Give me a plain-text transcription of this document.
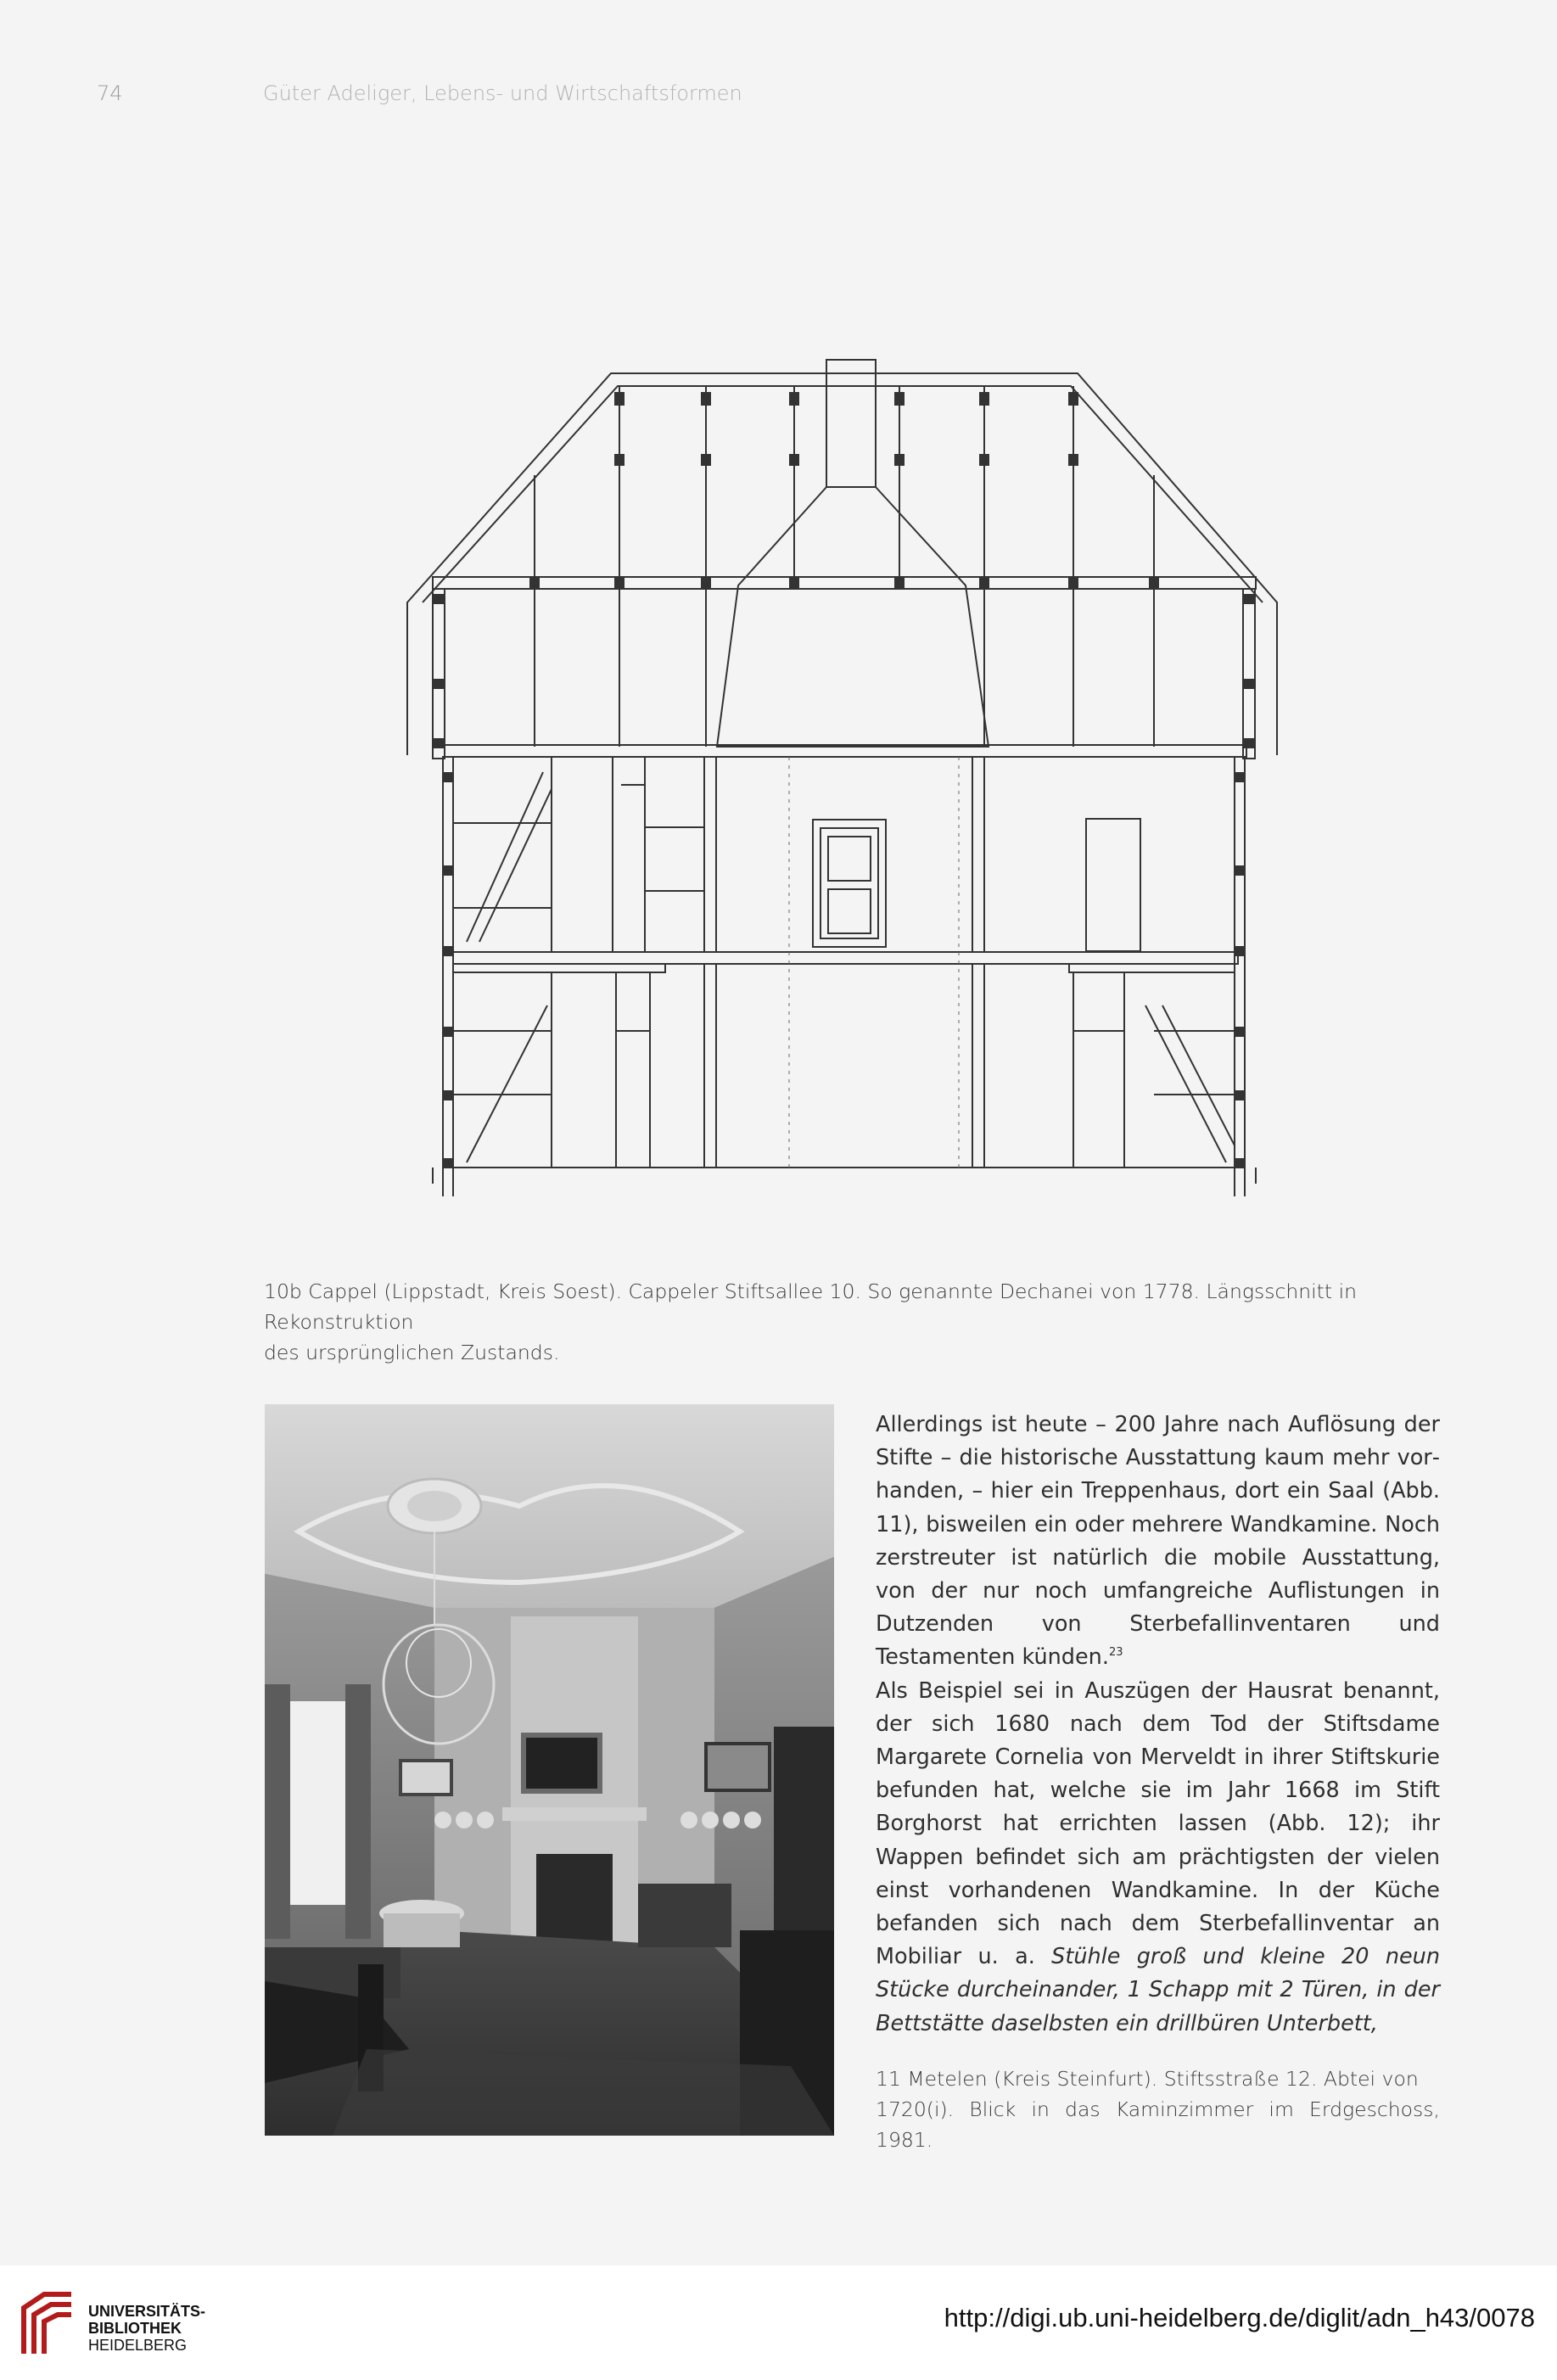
74	Güter Adeliger, Lebens- und Wirtschaftsformen
10b Cappel (Lippstadt, Kreis Soest). Cappeler Stiftsallee 10. So genannte Dechanei von 1778. Längsschnitt in Rekonstruktion
des ursprünglichen Zustands.

Allerdings ist heute – 200 Jahre nach Auflösung der Stifte – die historische Ausstattung kaum mehr vorhanden, – hier ein Treppenhaus, dort ein Saal (Abb. 11), bisweilen ein oder mehrere Wandkamine. Noch zerstreuter ist natürlich die mobile Ausstattung, von der nur noch umfangreiche Auflistungen in Dutzenden von Sterbefallinventaren und Testamenten künden.$^{23}$

Als Beispiel sei in Auszügen der Hausrat benannt, der sich 1680 nach dem Tod der Stiftsdame Margarete Cornelia von Merveldt in ihrer Stiftskurie befunden hat, welche sie im Jahr 1668 im Stift Borghorst hat errichten lassen (Abb. 12); ihr Wappen befindet sich am prächtigsten der vielen einst vorhandenen Wandkamine. In der Küche befanden sich nach dem Sterbefallinventar an Mobiliar u. a. Stühle groß und kleine 20 neun Stücke durcheinander, 1 Schapp mit 2 Türen, in der Bettstätte daselbsten ein drillbüren Unterbett,

11 Metelen (Kreis Steinfurt). Stiftsstraße 12. Abtei von
1720(i). Blick in das Kaminzimmer im Erdgeschoss, 1981.
UNIVERSITÄTS-
BIBLIOTHEK
HEIDELBERG
http://digi.ub.uni-heidelberg.de/diglit/adn_h43/0078
